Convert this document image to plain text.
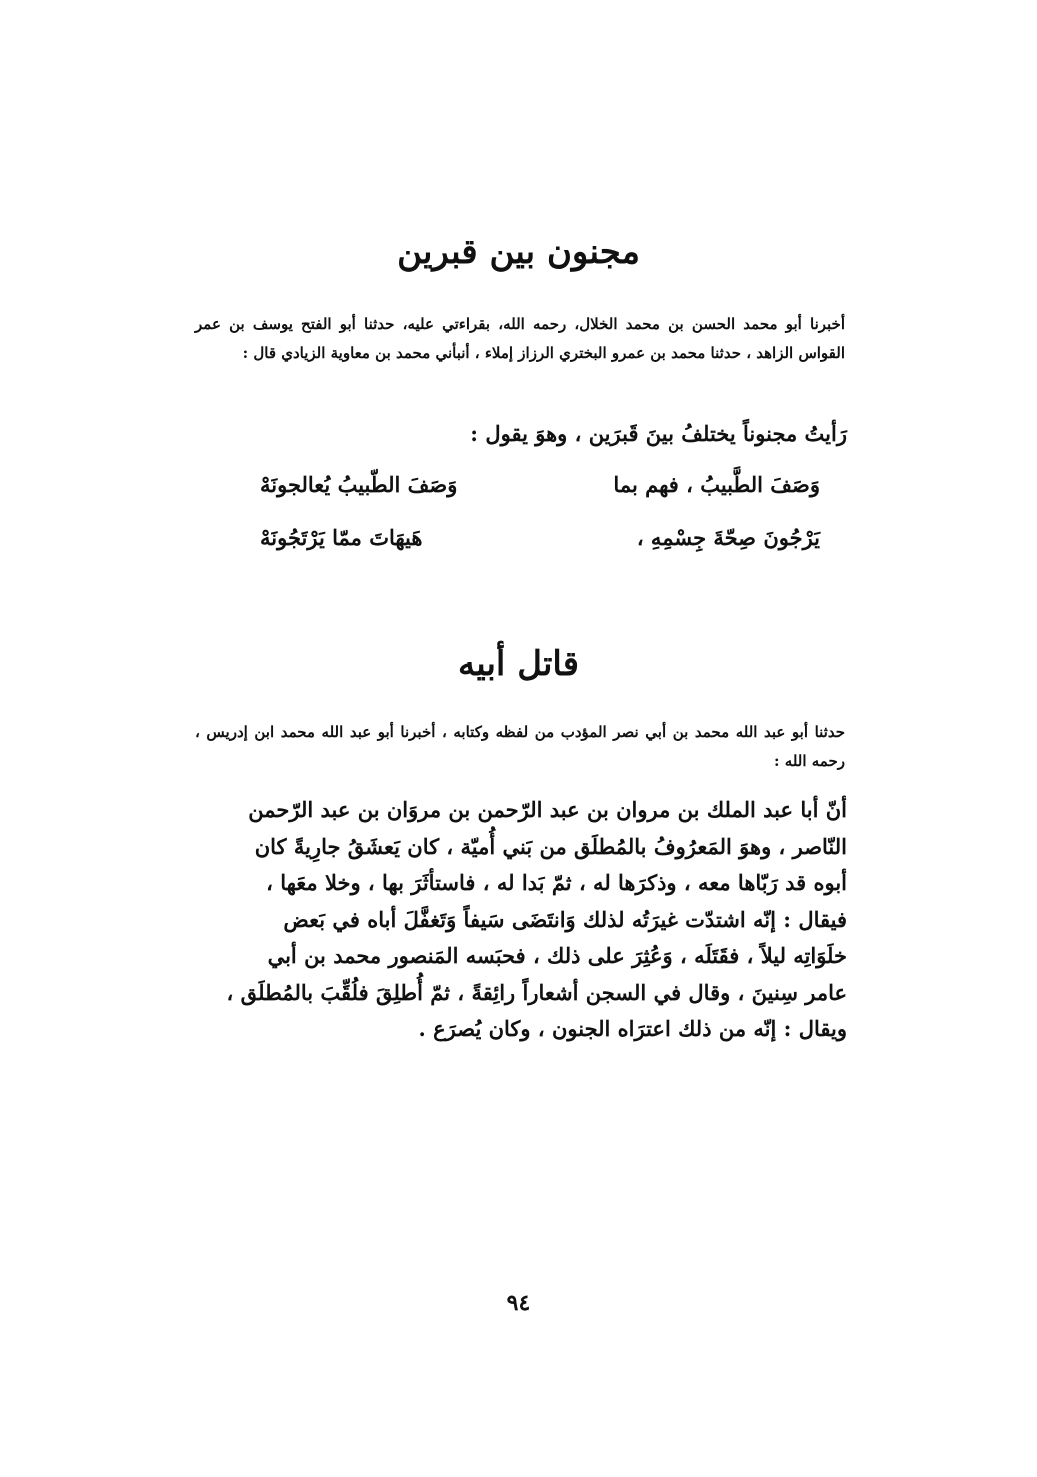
مجنون بين قبرين
أخبرنا أبو محمد الحسن بن محمد الخلال، رحمه الله، بقراءتي عليه، حدثنا أبو الفتح يوسف بن عمر القواس الزاهد ، حدثنا محمد بن عمرو البختري الرزاز إملاء ، أنبأني محمد بن معاوية الزيادي قال :
رَأيتُ مجنوناً يختلفُ بينَ قَبرَين ، وهوَ يقول :
وَصَفَ الطَّبيبُ ، فهم بما
وَصَفَ الطّبيبُ يُعالجونَهْ
يَرْجُونَ صِحّةَ جِسْمِهِ ،
هَيهَاتَ ممّا يَرْتَجُونَهْ
قاتل أبيه
حدثنا أبو عبد الله محمد بن أبي نصر المؤدب من لفظه وكتابه ، أخبرنا أبو عبد الله محمد ابن إدريس ، رحمه الله :
أنّ أبا عبد الملك بن مروان بن عبد الرّحمن بن مروَان بن عبد الرّحمن
النّاصر ، وهوَ المَعرُوفُ بالمُطلَق من بَني أُميّة ، كان يَعشَقُ جارِيةً كان
أبوه قد رَبّاها معه ، وذكرَها له ، ثمّ بَدا له ، فاستأثَرَ بها ، وخلا معَها ،
فيقال : إنّه اشتدّت غيرَتُه لذلك وَانتَضَى سَيفاً وَتَغفَّلَ أباه في بَعض
خلَوَاتِه ليلاً ، فقَتَلَه ، وَعُثِرَ على ذلك ، فحبَسه المَنصور محمد بن أبي
عامر سِنينَ ، وقال في السجن أشعاراً رائِقةً ، ثمّ أُطلِقَ فلُقِّبَ بالمُطلَق ،
ويقال : إنّه من ذلك اعترَاه الجنون ، وكان يُصرَع .
٩٤
